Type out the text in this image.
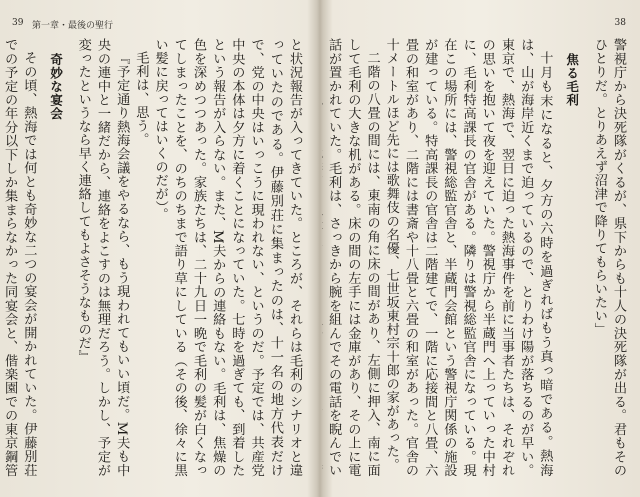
39 第一章・最後の聖行

と状況報告が入ってきていた。ところが、それらは毛利のシナリオと違っていたのである。伊藤別荘に集まったのは、十一名の地方代表だけで、党の中央はいっこうに現われない、というのだ。予定では、共産党中央の本体は夕方に着くことになっていた。七時を過ぎても、到着したという報告が入らない。また、M夫からの連絡もない。毛利は、焦燥の色を深めつつあった。家族たちは、二十九日一晩で毛利の髪が白くなってしまったことを、のちのちまで語り草にしている（その後、徐々に黒い髪に戻ってはいくのだが）。

毛利は、思う。

『予定通り熱海会議をやるなら、もう現われてもいい頃だ。M夫も中央の連中と一緒だから、連絡をよこすのは無理だろう。しかし、予定が変ったというなら早く連絡してもよさそうなものだ』

奇妙な宴会

その頃、熱海では何とも奇妙な二つの宴会が開かれていた。伊藤別荘での予定の年分以下しか集まらなかった同宴会と、偕楽園での東京鋼管

38

警視庁から決死隊がくるが、県下からも十人の決死隊が出る。君もそのひとりだ。とりあえず沼津で降りてもらいたい」

焦る毛利

十月も末になると、夕方の六時を過ぎればもう真っ暗である。熱海は、山が海岸近くまで迫っているので、とりわけ陽が落ちるのが早い。東京で、熱海で、翌日に迫った熱海事件を前に当事者たちは、それぞれの思いを抱いて夜を迎えていた。警視庁から半蔵門へ上っていった中村に、毛利特高課長の官舎がある。隣りは警視総監官舎になっている。現在この場所には、警視総監官舎と、半蔵門会館という警視庁関係の施設が建っている。特高課長の官舎は二階建てで、一階に応接間と八畳、六畳の和室があり、二階には書斎や十八畳と六畳の和室があった。官舎の十メートルほど先には歌舞伎の名優、七世坂東村宗十郎の家があった。

二階の八畳の間には、東南の角に床の間があり、左側に押入、南に面して毛利の大きな机がある。床の間の左手には金庫があり、その上に電話が置かれていた。毛利は、さっきから腕を組んでその電話を睨んでい
